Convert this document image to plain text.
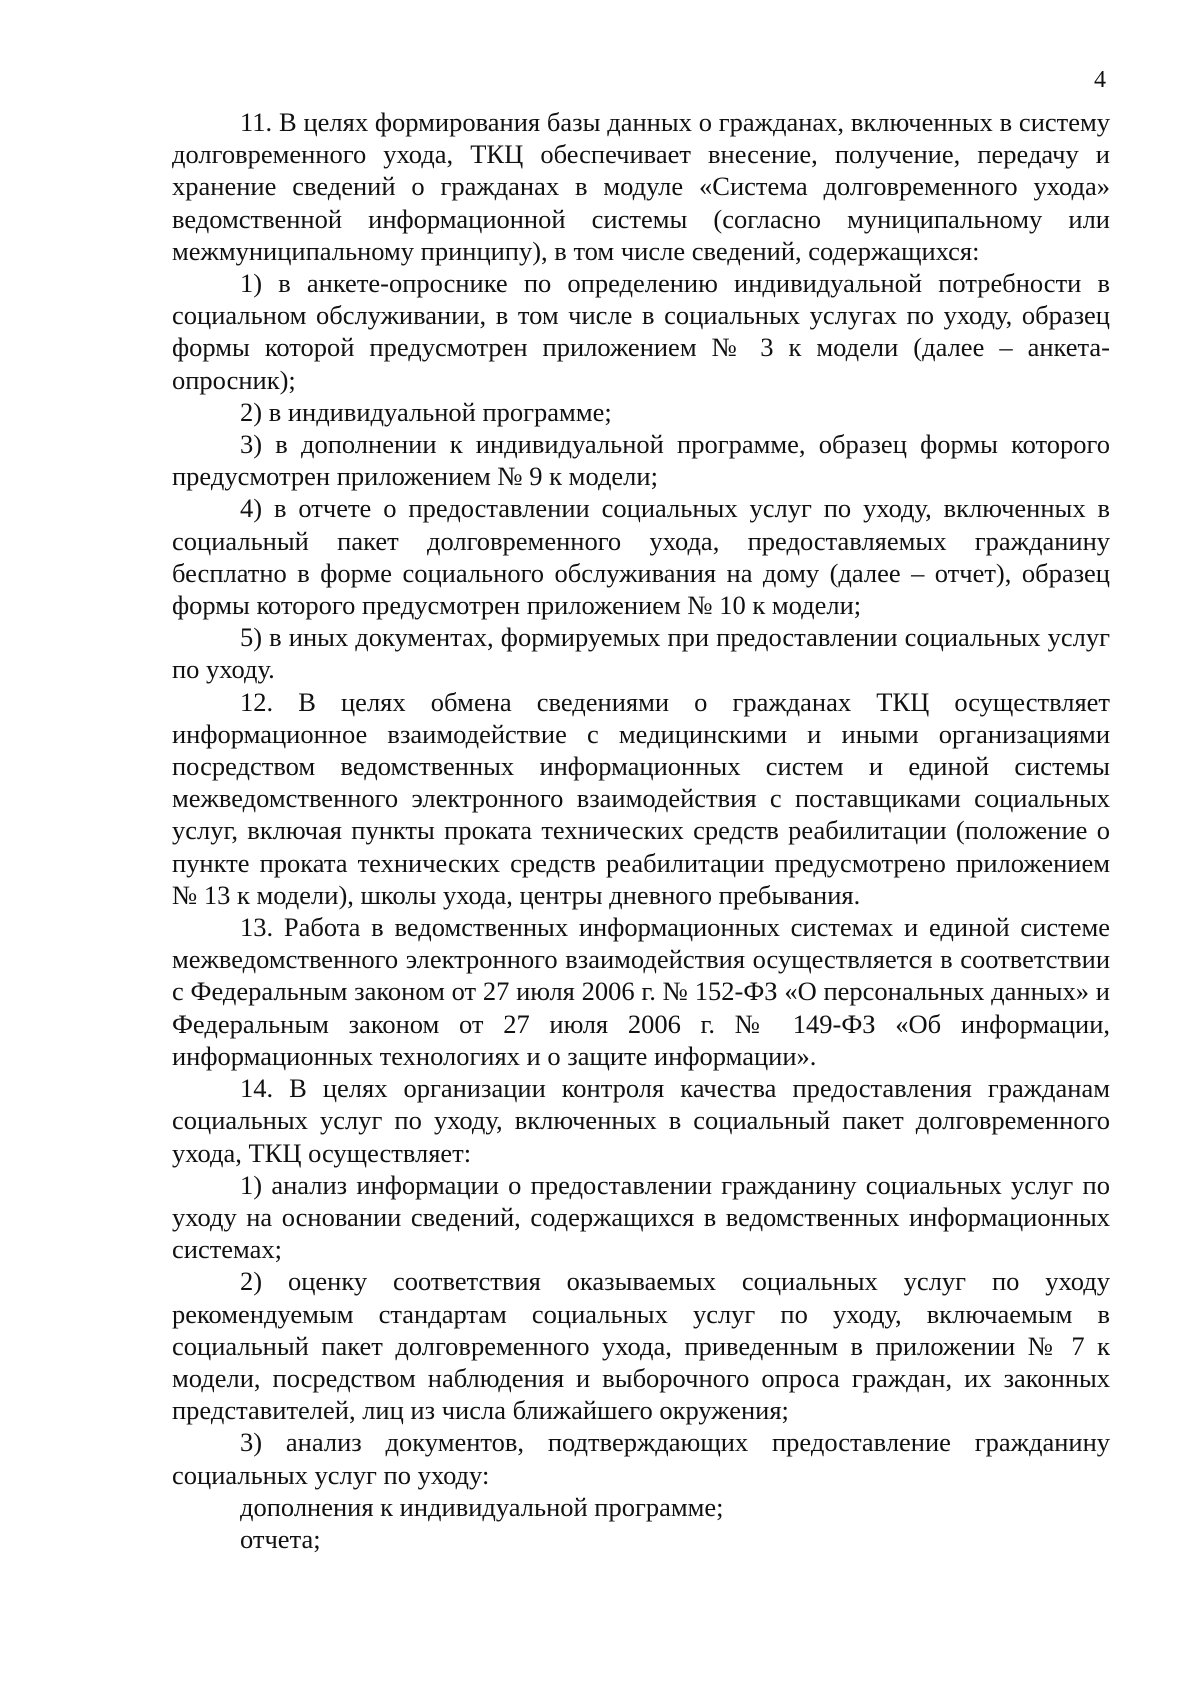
4

11. В целях формирования базы данных о гражданах, включенных в систему долговременного ухода, ТКЦ обеспечивает внесение, получение, передачу и хранение сведений о гражданах в модуле «Система долговременного ухода» ведомственной информационной системы (согласно муниципальному или межмуниципальному принципу), в том числе сведений, содержащихся:

1) в анкете-опроснике по определению индивидуальной потребности в социальном обслуживании, в том числе в социальных услугах по уходу, образец формы которой предусмотрен приложением № 3 к модели (далее – анкета-опросник);

2) в индивидуальной программе;

3) в дополнении к индивидуальной программе, образец формы которого предусмотрен приложением № 9 к модели;

4) в отчете о предоставлении социальных услуг по уходу, включенных в социальный пакет долговременного ухода, предоставляемых гражданину бесплатно в форме социального обслуживания на дому (далее – отчет), образец формы которого предусмотрен приложением № 10 к модели;

5) в иных документах, формируемых при предоставлении социальных услуг по уходу.

12. В целях обмена сведениями о гражданах ТКЦ осуществляет информационное взаимодействие с медицинскими и иными организациями посредством ведомственных информационных систем и единой системы межведомственного электронного взаимодействия с поставщиками социальных услуг, включая пункты проката технических средств реабилитации (положение о пункте проката технических средств реабилитации предусмотрено приложением № 13 к модели), школы ухода, центры дневного пребывания.

13. Работа в ведомственных информационных системах и единой системе межведомственного электронного взаимодействия осуществляется в соответствии с Федеральным законом от 27 июля 2006 г. № 152-ФЗ «О персональных данных» и Федеральным законом от 27 июля 2006 г. № 149-ФЗ «Об информации, информационных технологиях и о защите информации».

14. В целях организации контроля качества предоставления гражданам социальных услуг по уходу, включенных в социальный пакет долговременного ухода, ТКЦ осуществляет:

1) анализ информации о предоставлении гражданину социальных услуг по уходу на основании сведений, содержащихся в ведомственных информационных системах;

2) оценку соответствия оказываемых социальных услуг по уходу рекомендуемым стандартам социальных услуг по уходу, включаемым в социальный пакет долговременного ухода, приведенным в приложении № 7 к модели, посредством наблюдения и выборочного опроса граждан, их законных представителей, лиц из числа ближайшего окружения;

3) анализ документов, подтверждающих предоставление гражданину социальных услуг по уходу:

дополнения к индивидуальной программе;

отчета;
